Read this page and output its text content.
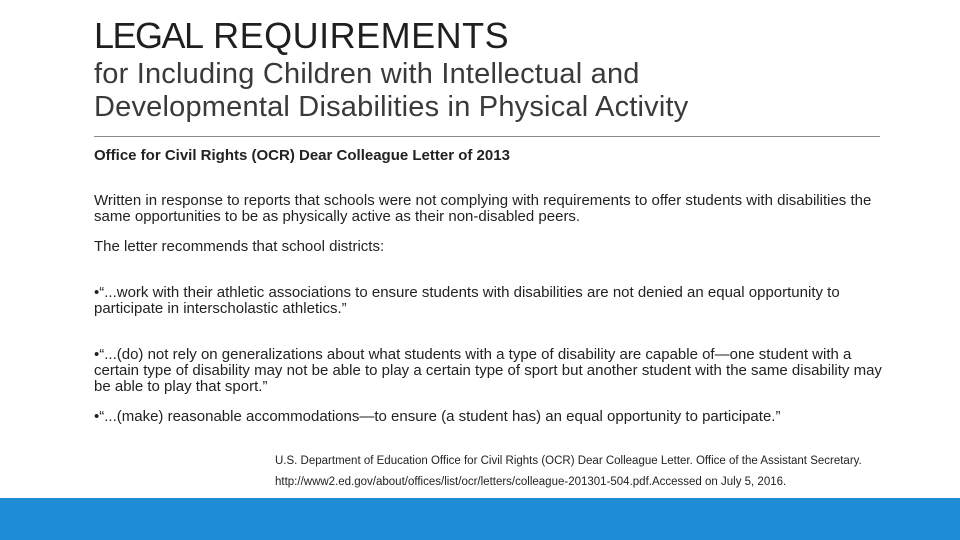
LEGAL REQUIREMENTS
for Including Children with Intellectual and
Developmental Disabilities in Physical Activity
Office for Civil Rights (OCR) Dear Colleague Letter of 2013
Written in response to reports that schools were not complying with requirements to offer students with disabilities the same opportunities to be as physically active as their non-disabled peers.
The letter recommends that school districts:
•“...work with their athletic associations to ensure students with disabilities are not denied an equal opportunity to participate in interscholastic athletics.”
•“...(do) not rely on generalizations about what students with a type of disability are capable of—one student with a certain type of disability may not be able to play a certain type of sport but another student with the same disability may be able to play that sport.”
•“...(make) reasonable accommodations—to ensure (a student has) an equal opportunity to participate.”
U.S. Department of Education Office for Civil Rights (OCR) Dear Colleague Letter. Office of the Assistant Secretary.
http://www2.ed.gov/about/offices/list/ocr/letters/colleague-201301-504.pdf.Accessed on July 5, 2016.
